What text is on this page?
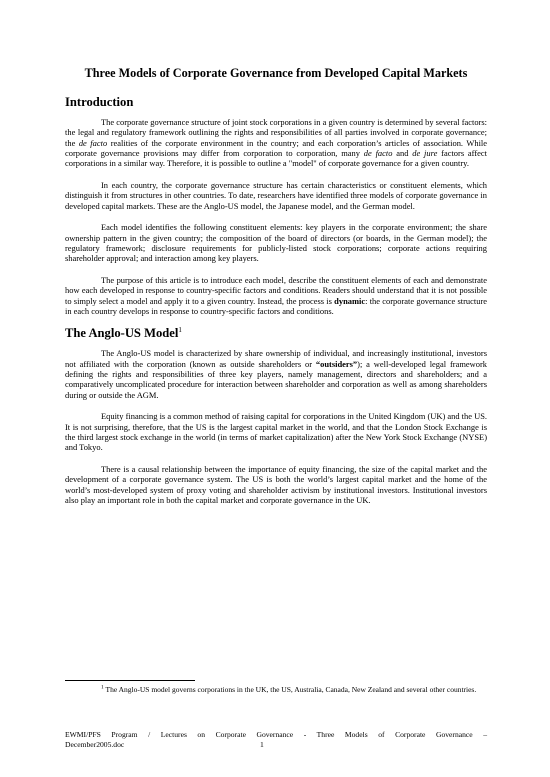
Three Models of Corporate Governance from Developed Capital Markets
Introduction

The corporate governance structure of joint stock corporations in a given country is determined by several factors: the legal and regulatory framework outlining the rights and responsibilities of all parties involved in corporate governance; the de facto realities of the corporate environment in the country; and each corporation’s articles of association. While corporate governance provisions may differ from corporation to corporation, many de facto and de jure factors affect corporations in a similar way. Therefore, it is possible to outline a "model" of corporate governance for a given country.

In each country, the corporate governance structure has certain characteristics or constituent elements, which distinguish it from structures in other countries. To date, researchers have identified three models of corporate governance in developed capital markets. These are the Anglo-US model, the Japanese model, and the German model.

Each model identifies the following constituent elements: key players in the corporate environment; the share ownership pattern in the given country; the composition of the board of directors (or boards, in the German model); the regulatory framework; disclosure requirements for publicly-listed stock corporations; corporate actions requiring shareholder approval; and interaction among key players.

The purpose of this article is to introduce each model, describe the constituent elements of each and demonstrate how each developed in response to country-specific factors and conditions. Readers should understand that it is not possible to simply select a model and apply it to a given country. Instead, the process is dynamic: the corporate governance structure in each country develops in response to country-specific factors and conditions.

The Anglo-US Model$^1$

The Anglo-US model is characterized by share ownership of individual, and increasingly institutional, investors not affiliated with the corporation (known as outside shareholders or “outsiders”); a well-developed legal framework defining the rights and responsibilities of three key players, namely management, directors and shareholders; and a comparatively uncomplicated procedure for interaction between shareholder and corporation as well as among shareholders during or outside the AGM.

Equity financing is a common method of raising capital for corporations in the United Kingdom (UK) and the US. It is not surprising, therefore, that the US is the largest capital market in the world, and that the London Stock Exchange is the third largest stock exchange in the world (in terms of market capitalization) after the New York Stock Exchange (NYSE) and Tokyo.

There is a causal relationship between the importance of equity financing, the size of the capital market and the development of a corporate governance system. The US is both the world’s largest capital market and the home of the world’s most-developed system of proxy voting and shareholder activism by institutional investors. Institutional investors also play an important role in both the capital market and corporate governance in the UK.

$^1$ The Anglo-US model governs corporations in the UK, the US, Australia, Canada, New Zealand and several other countries.

EWMI/PFS Program / Lectures on Corporate Governance - Three Models of Corporate Governance –
December2005.doc	1
